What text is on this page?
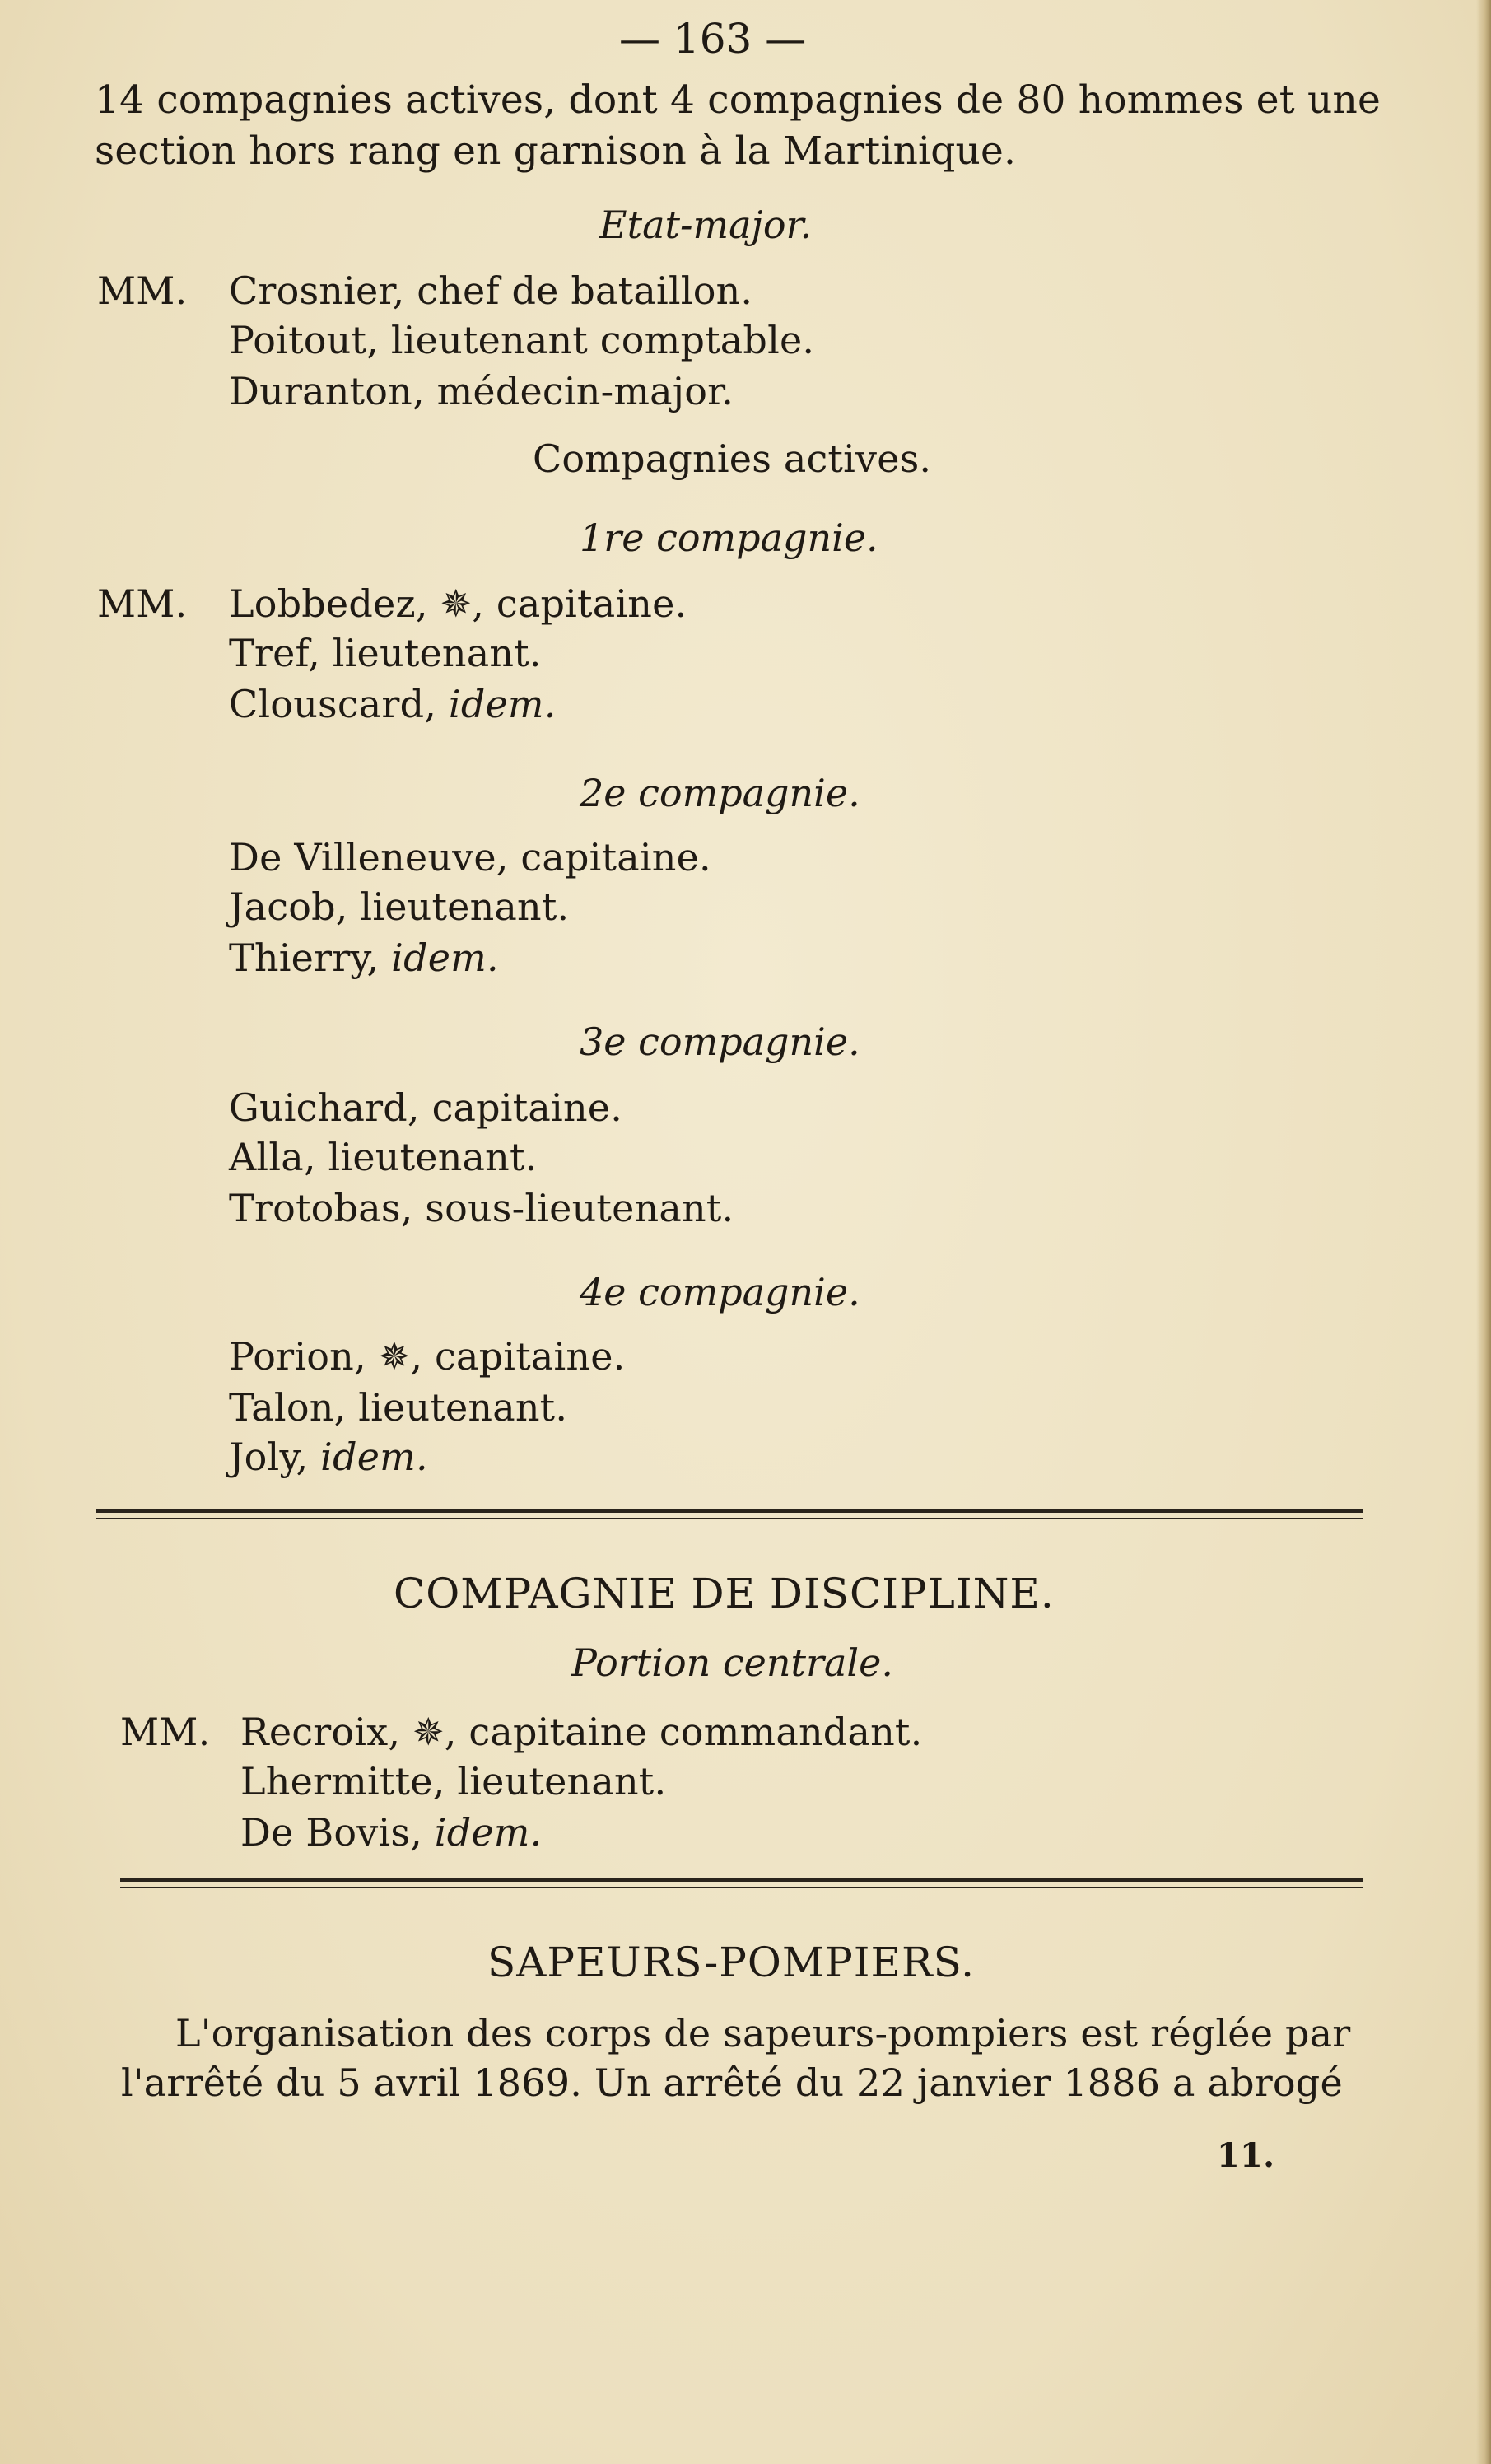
— 163 —
14 compagnies actives, dont 4 compagnies de 80 hommes et une
section hors rang en garnison à la Martinique.
Etat-major.
MM. Crosnier, chef de bataillon.
Poitout, lieutenant comptable.
Duranton, médecin-major.
Compagnies actives.
1re compagnie.
MM. Lobbedez, ✵, capitaine.
Tref, lieutenant.
Clouscard, idem.
2e compagnie.
De Villeneuve, capitaine.
Jacob, lieutenant.
Thierry, idem.
3e compagnie.
Guichard, capitaine.
Alla, lieutenant.
Trotobas, sous-lieutenant.
4e compagnie.
Porion, ✵, capitaine.
Talon, lieutenant.
Joly, idem.
COMPAGNIE DE DISCIPLINE.
Portion centrale.
MM. Recroix, ✵, capitaine commandant.
Lhermitte, lieutenant.
De Bovis, idem.
SAPEURS-POMPIERS.
L'organisation des corps de sapeurs-pompiers est réglée par
l'arrêté du 5 avril 1869. Un arrêté du 22 janvier 1886 a abrogé
11.
